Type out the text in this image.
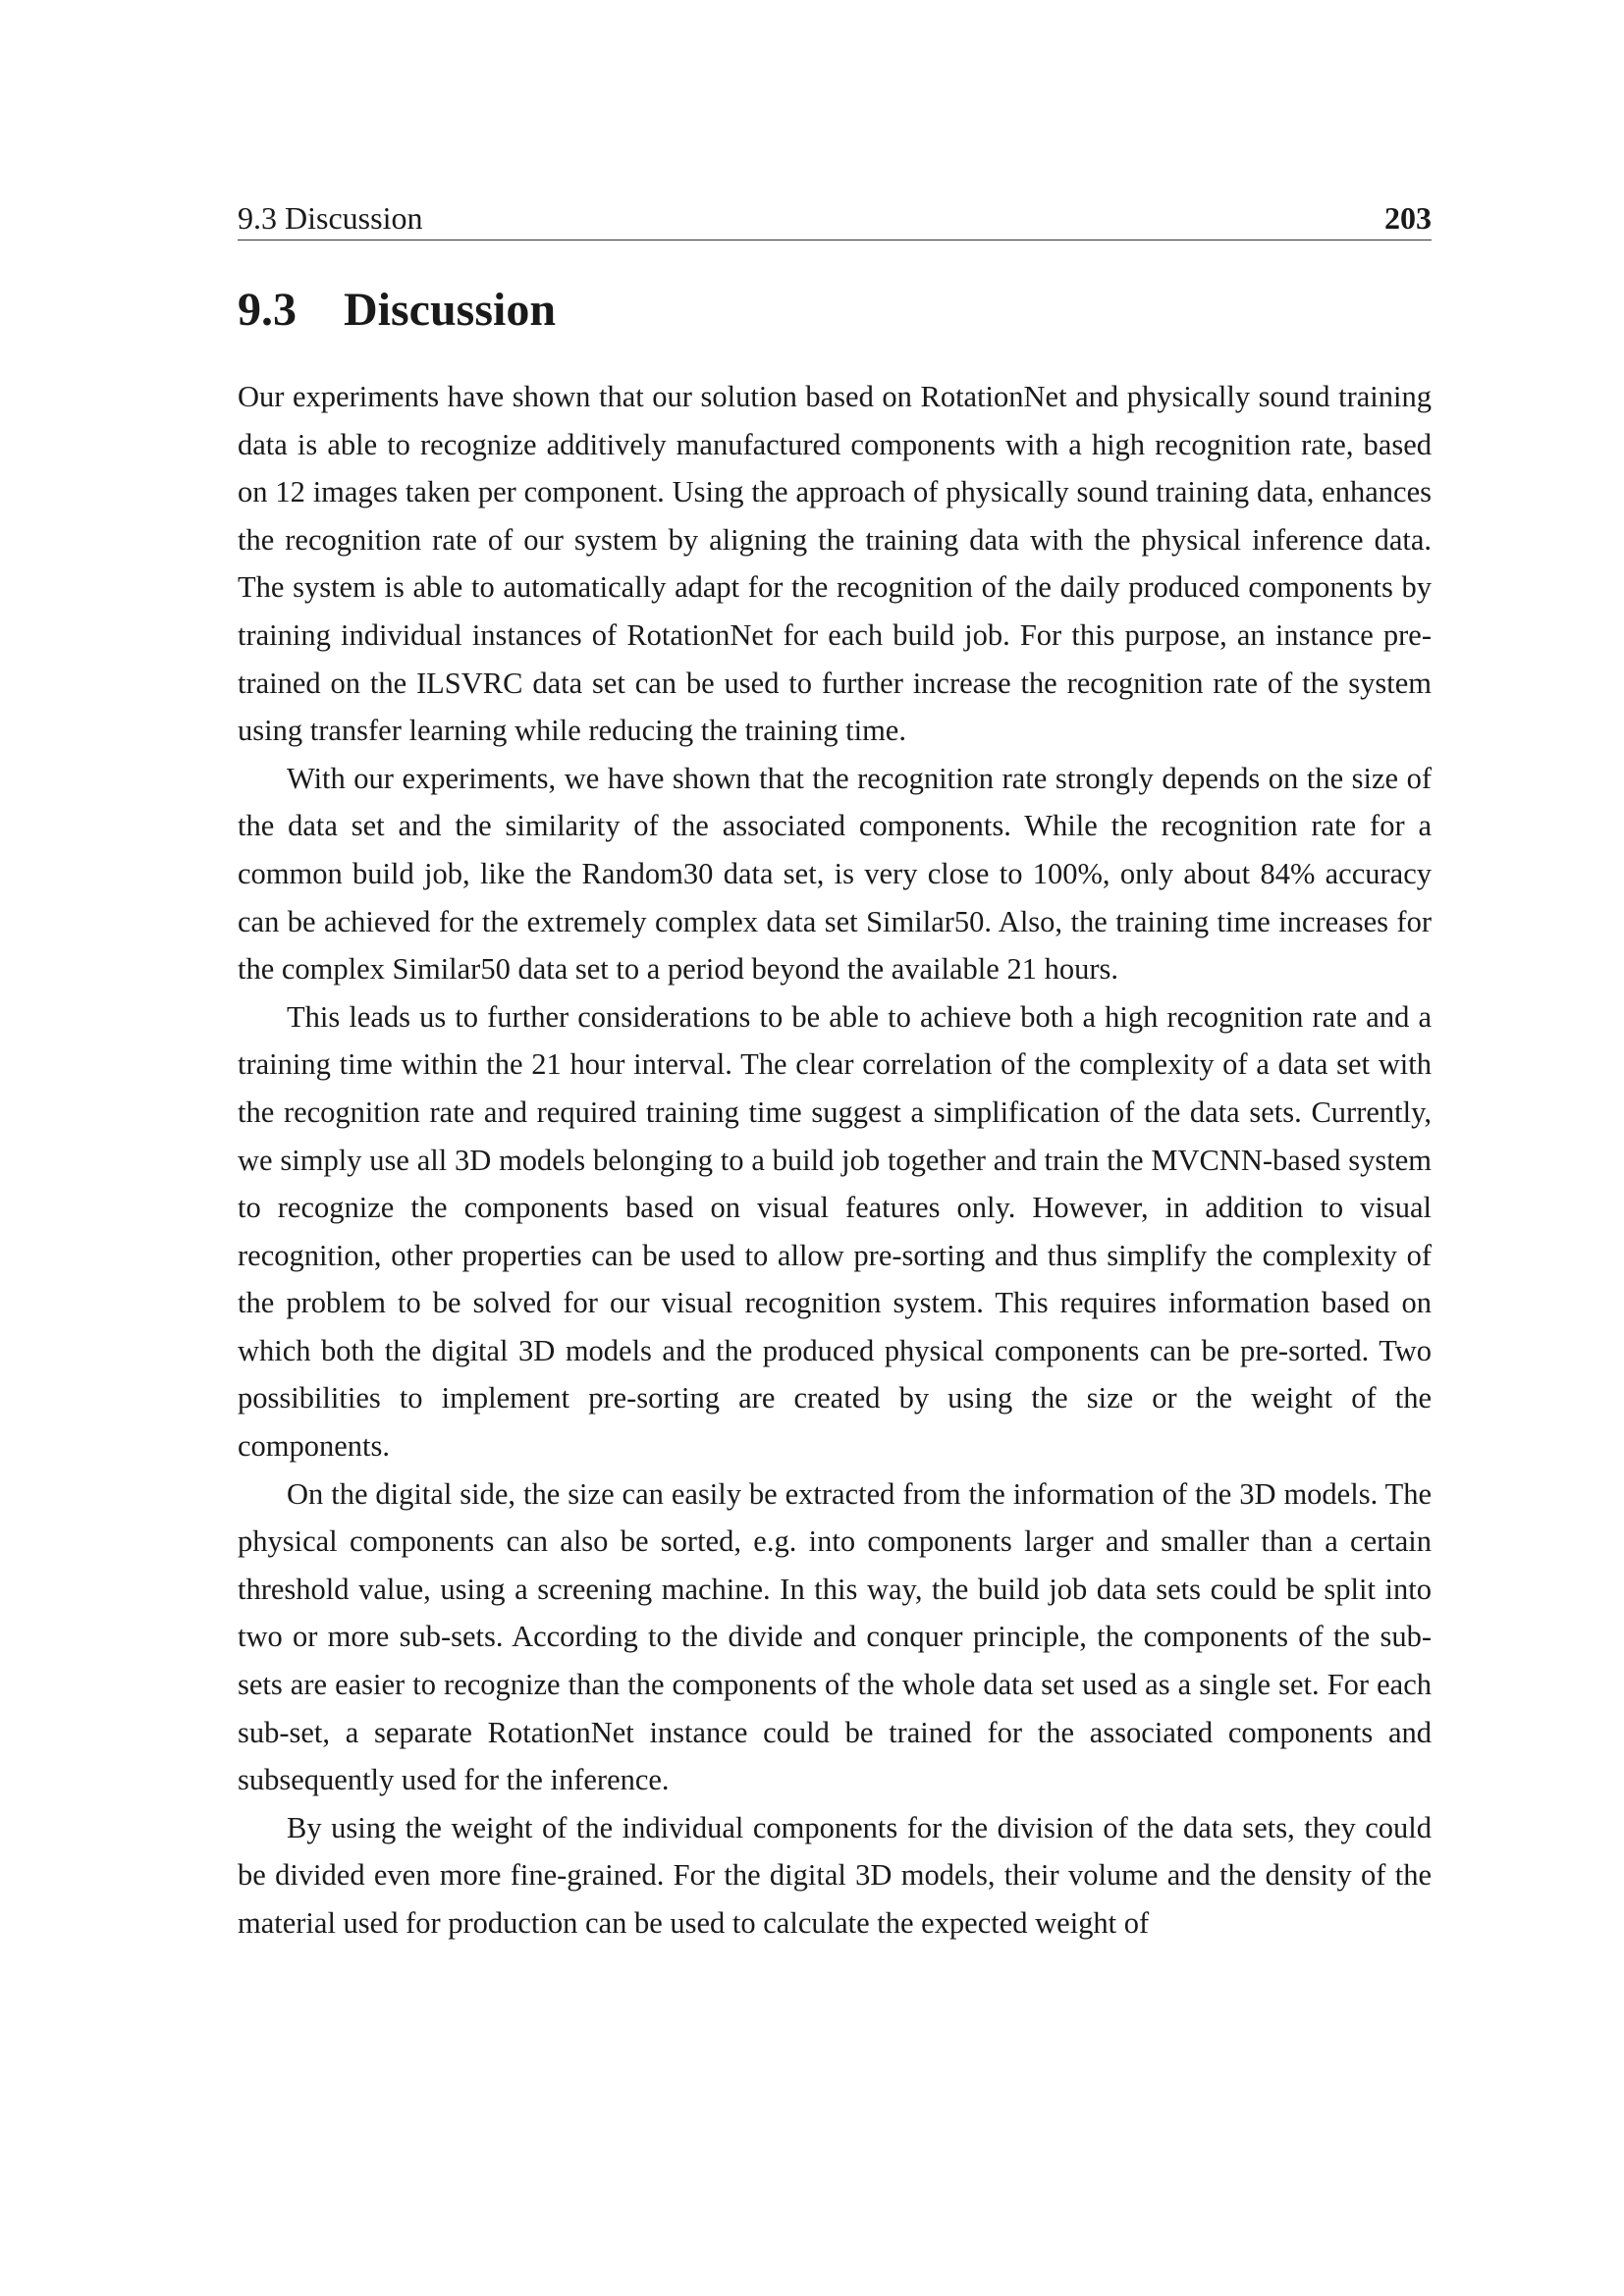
9.3 Discussion	203
9.3 Discussion

Our experiments have shown that our solution based on RotationNet and physically sound training data is able to recognize additively manufactured components with a high recognition rate, based on 12 images taken per component. Using the approach of physically sound training data, enhances the recognition rate of our system by aligning the training data with the physical inference data. The system is able to automatically adapt for the recognition of the daily produced components by training individual instances of RotationNet for each build job. For this purpose, an instance pre-trained on the ILSVRC data set can be used to further increase the recognition rate of the system using transfer learning while reducing the training time.

With our experiments, we have shown that the recognition rate strongly depends on the size of the data set and the similarity of the associated components. While the recognition rate for a common build job, like the Random30 data set, is very close to 100%, only about 84% accuracy can be achieved for the extremely complex data set Similar50. Also, the training time increases for the complex Similar50 data set to a period beyond the available 21 hours.

This leads us to further considerations to be able to achieve both a high recognition rate and a training time within the 21 hour interval. The clear correlation of the complexity of a data set with the recognition rate and required training time suggest a simplification of the data sets. Currently, we simply use all 3D models belonging to a build job together and train the MVCNN-based system to recognize the components based on visual features only. However, in addition to visual recognition, other properties can be used to allow pre-sorting and thus simplify the complexity of the problem to be solved for our visual recognition system. This requires information based on which both the digital 3D models and the produced physical components can be pre-sorted. Two possibilities to implement pre-sorting are created by using the size or the weight of the components.

On the digital side, the size can easily be extracted from the information of the 3D models. The physical components can also be sorted, e.g. into components larger and smaller than a certain threshold value, using a screening machine. In this way, the build job data sets could be split into two or more sub-sets. According to the divide and conquer principle, the components of the sub-sets are easier to recognize than the components of the whole data set used as a single set. For each sub-set, a separate RotationNet instance could be trained for the associated components and subsequently used for the inference.

By using the weight of the individual components for the division of the data sets, they could be divided even more fine-grained. For the digital 3D models, their volume and the density of the material used for production can be used to calculate the expected weight of
